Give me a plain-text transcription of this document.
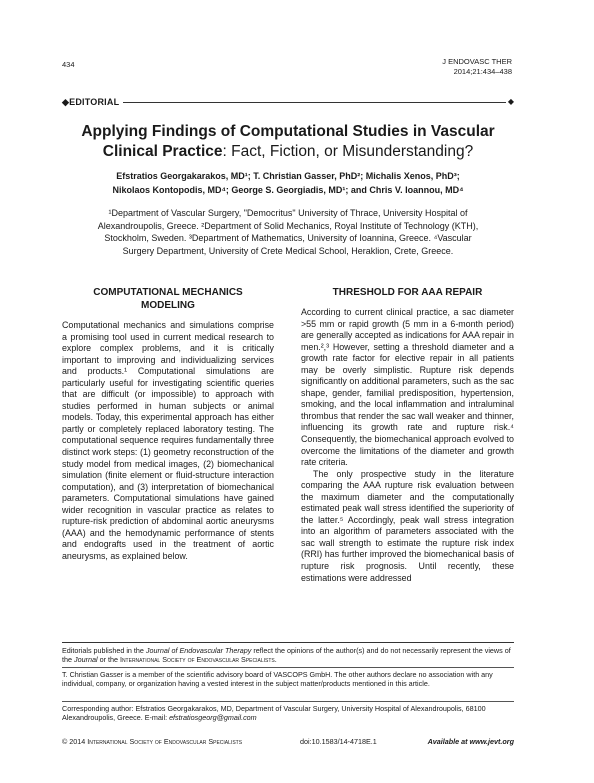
434	J ENDOVASC THER
2014;21:434–438
◆EDITORIAL	◆
Applying Findings of Computational Studies in Vascular
Clinical Practice: Fact, Fiction, or Misunderstanding?
Efstratios Georgakarakos, MD¹; T. Christian Gasser, PhD²; Michalis Xenos, PhD³;
Nikolaos Kontopodis, MD⁴; George S. Georgiadis, MD¹; and Chris V. Ioannou, MD⁴
¹Department of Vascular Surgery, "Democritus" University of Thrace, University Hospital of
Alexandroupolis, Greece. ²Department of Solid Mechanics, Royal Institute of Technology (KTH),
Stockholm, Sweden. ³Department of Mathematics, University of Ioannina, Greece. ⁴Vascular
Surgery Department, University of Crete Medical School, Heraklion, Crete, Greece.
COMPUTATIONAL MECHANICS
MODELING

Computational mechanics and simulations comprise a promising tool used in current medical research to explore complex problems, and it is critically important to improving and individualizing services and products.¹ Computational simulations are particularly useful for investigating scientific queries that are difficult (or impossible) to approach with studies performed in human subjects or animal models. Today, this experimental approach has either partly or completely replaced laboratory testing. The computational sequence requires fundamentally three distinct work steps: (1) geometry reconstruction of the study model from medical images, (2) biomechanical simulation (finite element or fluid-structure interaction computation), and (3) interpretation of biomechanical parameters. Computational simulations have gained wider recognition in vascular practice as relates to rupture-risk prediction of abdominal aortic aneurysms (AAA) and the hemodynamic performance of stents and endografts used in the treatment of aortic aneurysms, as explained below.

THRESHOLD FOR AAA REPAIR

According to current clinical practice, a sac diameter >55 mm or rapid growth (5 mm in a 6-month period) are generally accepted as indications for AAA repair in men.²,³ However, setting a threshold diameter and a growth rate factor for elective repair in all patients may be overly simplistic. Rupture risk depends significantly on additional parameters, such as the sac shape, gender, familial predisposition, hypertension, smoking, and the local inflammation and intraluminal thrombus that render the sac wall weaker and thinner, influencing its growth rate and rupture risk.⁴ Consequently, the biomechanical approach evolved to overcome the limitations of the diameter and growth rate criteria.

The only prospective study in the literature comparing the AAA rupture risk evaluation between the maximum diameter and the computationally estimated peak wall stress identified the superiority of the latter.⁵ Accordingly, peak wall stress integration into an algorithm of parameters associated with the sac wall strength to estimate the rupture risk index (RRI) has further improved the biomechanical basis of rupture risk prognosis. Until recently, these estimations were addressed

Editorials published in the Journal of Endovascular Therapy reflect the opinions of the author(s) and do not necessarily represent the views of the Journal or the International Society of Endovascular Specialists.

T. Christian Gasser is a member of the scientific advisory board of VASCOPS GmbH. The other authors declare no association with any individual, company, or organization having a vested interest in the subject matter/products mentioned in this article.

Corresponding author: Efstratios Georgakarakos, MD, Department of Vascular Surgery, University Hospital of Alexandroupolis, 68100 Alexandroupolis, Greece. E-mail: efstratiosgeorg@gmail.com

© 2014 International Society of Endovascular Specialists	doi:10.1583/14-4718E.1	Available at www.jevt.org
